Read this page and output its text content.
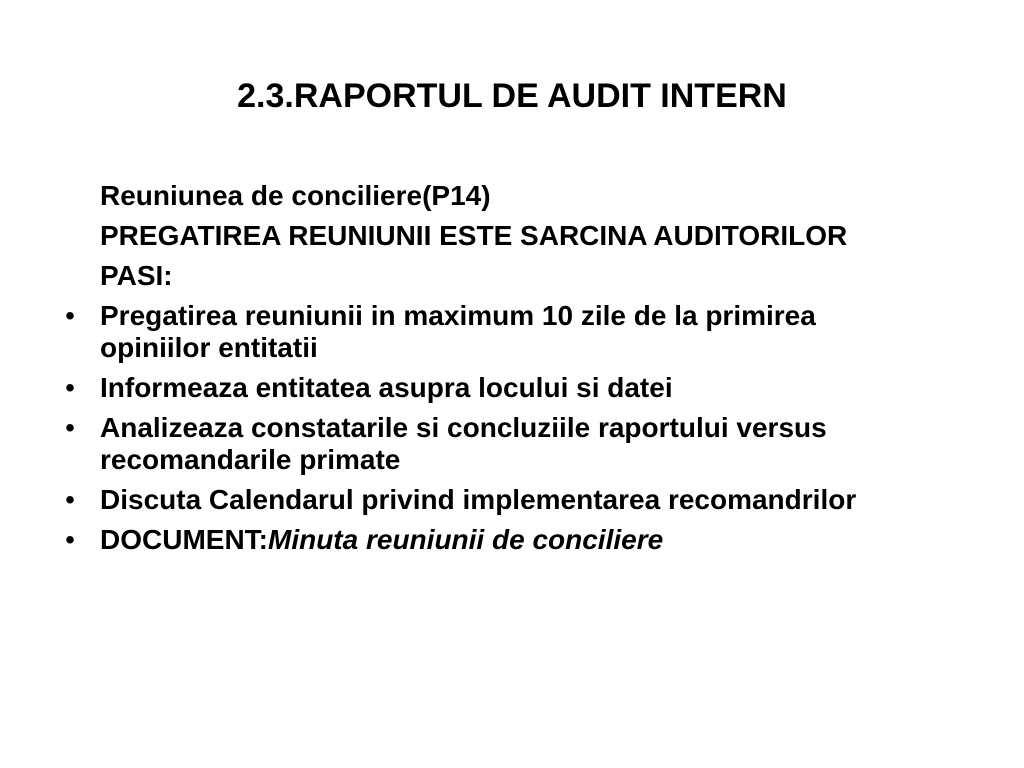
2.3.RAPORTUL DE AUDIT INTERN

Reuniunea de conciliere(P14)

PREGATIREA REUNIUNII ESTE SARCINA AUDITORILOR

PASI:

• Pregatirea reuniunii in maximum 10 zile de la primirea opiniilor entitatii
• Informeaza entitatea asupra locului si datei
• Analizeaza constatarile si concluziile raportului versus recomandarile primate
• Discuta Calendarul privind implementarea recomandrilor
• DOCUMENT:Minuta reuniunii de conciliere
